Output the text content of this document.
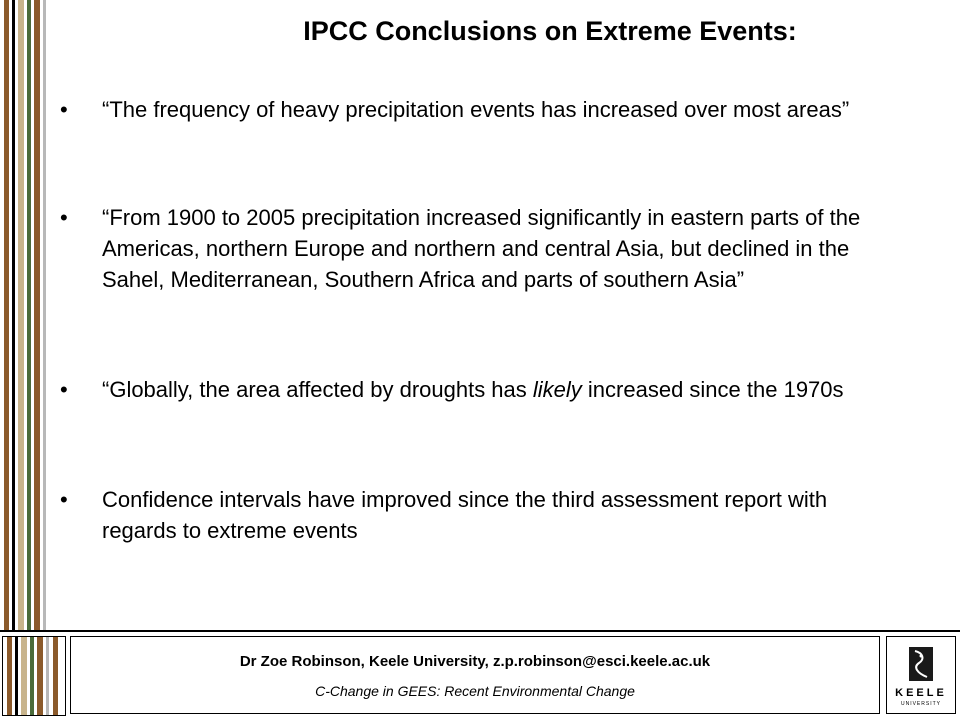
IPCC Conclusions on Extreme Events:
•	“The frequency of heavy precipitation events has increased over most areas”
•	“From 1900 to 2005 precipitation increased significantly in eastern parts of the Americas, northern Europe and northern and central Asia, but declined in the Sahel, Mediterranean, Southern Africa and parts of southern Asia”
•	“Globally, the area affected by droughts has likely increased since the 1970s
•	Confidence intervals have improved since the third assessment report with regards to extreme events
Dr Zoe Robinson, Keele University, z.p.robinson@esci.keele.ac.uk
C-Change in GEES: Recent Environmental Change	KEELE
UNIVERSITY
